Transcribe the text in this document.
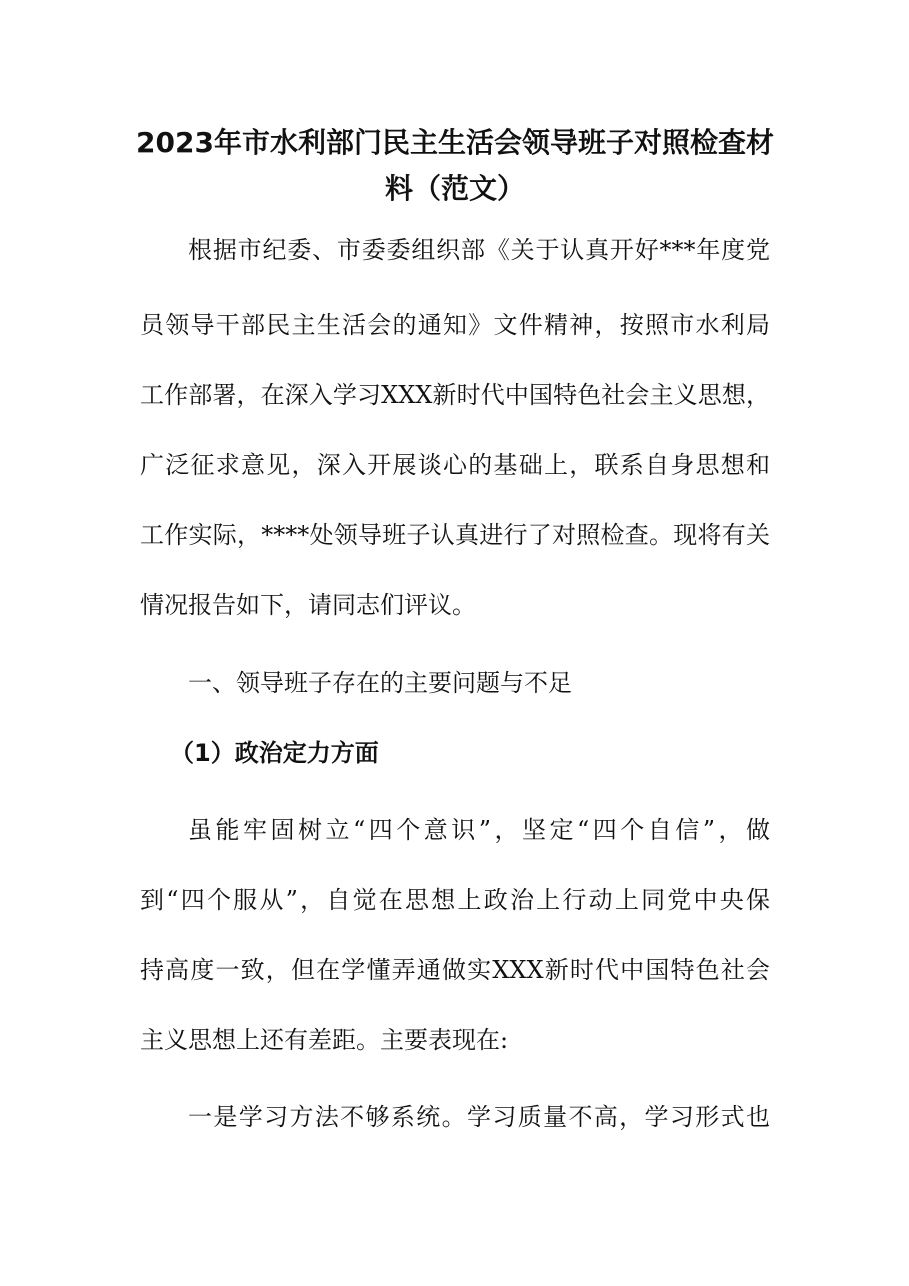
2023年市水利部门民主生活会领导班子对照检查材
料（范文）
根据市纪委、市委委组织部《关于认真开好***年度党
员领导干部民主生活会的通知》文件精神，按照市水利局
工作部署，在深入学习XXX新时代中国特色社会主义思想，
广泛征求意见，深入开展谈心的基础上，联系自身思想和
工作实际，****处领导班子认真进行了对照检查。现将有关
情况报告如下，请同志们评议。
一、领导班子存在的主要问题与不足
（1）政治定力方面
虽能牢固树立“四个意识”，坚定“四个自信”，做
到“四个服从”，自觉在思想上政治上行动上同党中央保
持高度一致，但在学懂弄通做实XXX新时代中国特色社会
主义思想上还有差距。主要表现在:
一是学习方法不够系统。学习质量不高，学习形式也
